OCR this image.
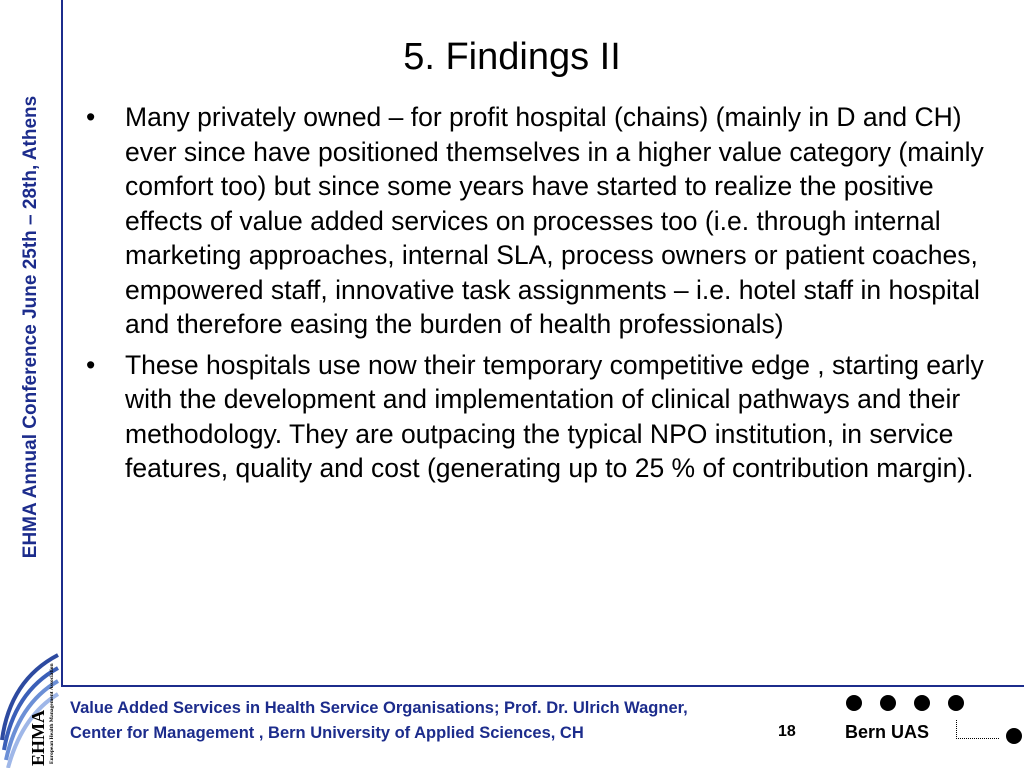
EHMA Annual Conference June 25th – 28th, Athens
European Health Management Association
EHMA
5. Findings II
• Many privately owned – for profit hospital (chains) (mainly in D and CH) ever since have positioned themselves in a higher value category (mainly comfort too) but since some years have started to realize the positive effects of value added services on processes too (i.e. through internal marketing approaches, internal SLA, process owners or patient coaches, empowered staff, innovative task assignments – i.e. hotel staff in hospital and therefore easing the burden of health professionals)
• These hospitals use now their temporary competitive edge , starting early with the development and implementation of clinical pathways and their methodology. They are outpacing the typical NPO institution, in service features, quality and cost (generating up to 25 % of contribution margin).
Value Added Services in Health Service Organisations; Prof. Dr. Ulrich Wagner,
Center for Management , Bern University of Applied Sciences, CH	18	Bern UAS
